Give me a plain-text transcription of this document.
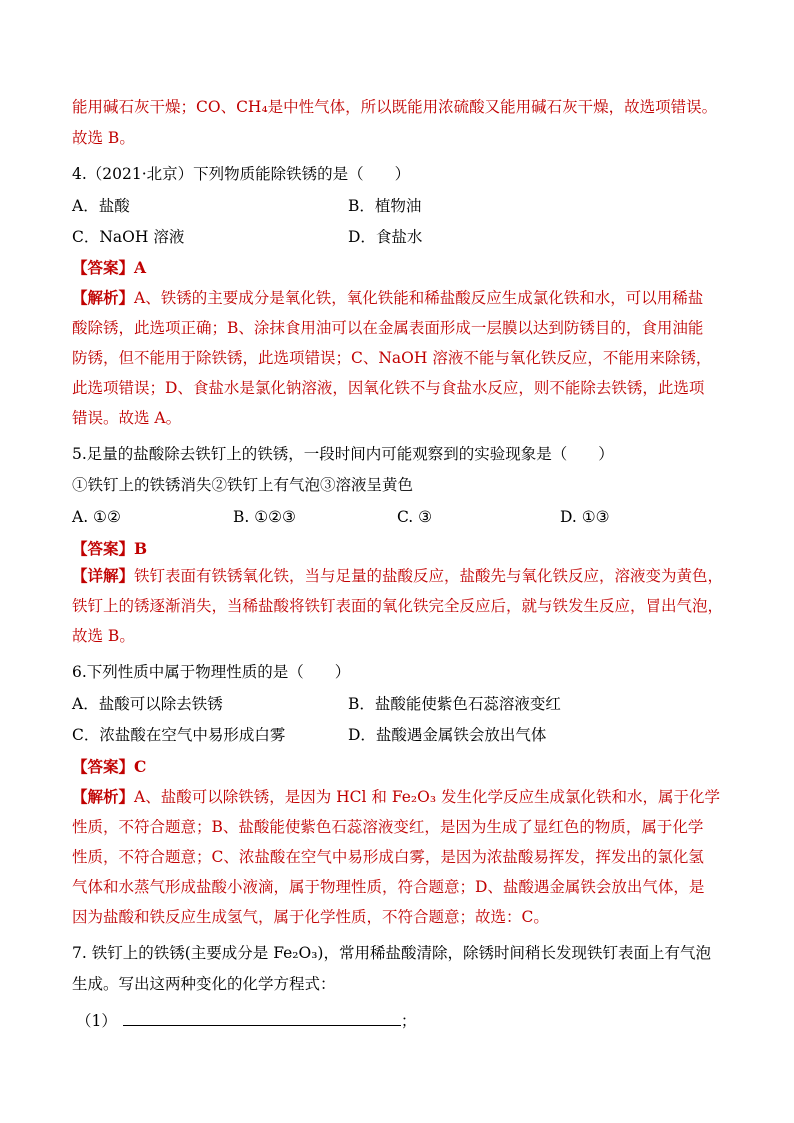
能用碱石灰干燥；CO、CH₄是中性气体，所以既能用浓硫酸又能用碱石灰干燥，故选项错误。
故选 B。
4.（2021·北京）下列物质能除铁锈的是（　　）
A．盐酸	B．植物油
C．NaOH 溶液	D．食盐水
【答案】A
【解析】A、铁锈的主要成分是氧化铁，氧化铁能和稀盐酸反应生成氯化铁和水，可以用稀盐
酸除锈，此选项正确；B、涂抹食用油可以在金属表面形成一层膜以达到防锈目的，食用油能
防锈，但不能用于除铁锈，此选项错误；C、NaOH 溶液不能与氧化铁反应，不能用来除锈，
此选项错误；D、食盐水是氯化钠溶液，因氧化铁不与食盐水反应，则不能除去铁锈，此选项
错误。故选 A。
5.足量的盐酸除去铁钉上的铁锈，一段时间内可能观察到的实验现象是（　　）
①铁钉上的铁锈消失②铁钉上有气泡③溶液呈黄色
A. ①②	B. ①②③	C. ③	D. ①③
【答案】B
【详解】铁钉表面有铁锈氧化铁，当与足量的盐酸反应，盐酸先与氧化铁反应，溶液变为黄色，
铁钉上的锈逐渐消失，当稀盐酸将铁钉表面的氧化铁完全反应后，就与铁发生反应，冒出气泡，
故选 B。
6.下列性质中属于物理性质的是（　　）
A．盐酸可以除去铁锈	B．盐酸能使紫色石蕊溶液变红
C．浓盐酸在空气中易形成白雾	D．盐酸遇金属铁会放出气体
【答案】C
【解析】A、盐酸可以除铁锈，是因为 HCl 和 Fe₂O₃ 发生化学反应生成氯化铁和水，属于化学
性质，不符合题意；B、盐酸能使紫色石蕊溶液变红，是因为生成了显红色的物质，属于化学
性质，不符合题意；C、浓盐酸在空气中易形成白雾，是因为浓盐酸易挥发，挥发出的氯化氢
气体和水蒸气形成盐酸小液滴，属于物理性质，符合题意；D、盐酸遇金属铁会放出气体，是
因为盐酸和铁反应生成氢气，属于化学性质，不符合题意；故选：C。
7. 铁钉上的铁锈(主要成分是 Fe₂O₃)，常用稀盐酸清除，除锈时间稍长发现铁钉表面上有气泡
生成。写出这两种变化的化学方程式：
（1）	；
